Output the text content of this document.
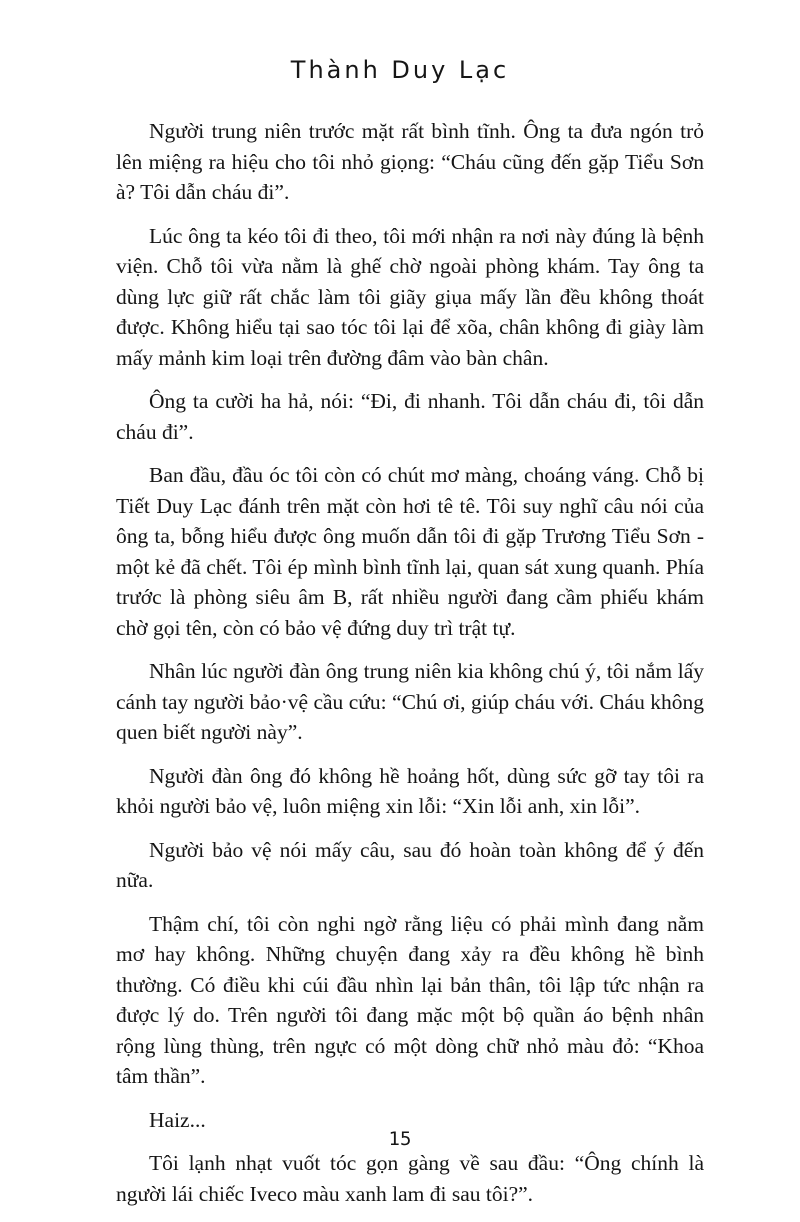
Thành Duy Lạc

Người trung niên trước mặt rất bình tĩnh. Ông ta đưa ngón trỏ lên miệng ra hiệu cho tôi nhỏ giọng: “Cháu cũng đến gặp Tiểu Sơn à? Tôi dẫn cháu đi”.

Lúc ông ta kéo tôi đi theo, tôi mới nhận ra nơi này đúng là bệnh viện. Chỗ tôi vừa nằm là ghế chờ ngoài phòng khám. Tay ông ta dùng lực giữ rất chắc làm tôi giãy giụa mấy lần đều không thoát được. Không hiểu tại sao tóc tôi lại để xõa, chân không đi giày làm mấy mảnh kim loại trên đường đâm vào bàn chân.

Ông ta cười ha hả, nói: “Đi, đi nhanh. Tôi dẫn cháu đi, tôi dẫn cháu đi”.

Ban đầu, đầu óc tôi còn có chút mơ màng, choáng váng. Chỗ bị Tiết Duy Lạc đánh trên mặt còn hơi tê tê. Tôi suy nghĩ câu nói của ông ta, bỗng hiểu được ông muốn dẫn tôi đi gặp Trương Tiểu Sơn - một kẻ đã chết. Tôi ép mình bình tĩnh lại, quan sát xung quanh. Phía trước là phòng siêu âm B, rất nhiều người đang cầm phiếu khám chờ gọi tên, còn có bảo vệ đứng duy trì trật tự.

Nhân lúc người đàn ông trung niên kia không chú ý, tôi nắm lấy cánh tay người bảo·vệ cầu cứu: “Chú ơi, giúp cháu với. Cháu không quen biết người này”.

Người đàn ông đó không hề hoảng hốt, dùng sức gỡ tay tôi ra khỏi người bảo vệ, luôn miệng xin lỗi: “Xin lỗi anh, xin lỗi”.

Người bảo vệ nói mấy câu, sau đó hoàn toàn không để ý đến nữa.

Thậm chí, tôi còn nghi ngờ rằng liệu có phải mình đang nằm mơ hay không. Những chuyện đang xảy ra đều không hề bình thường. Có điều khi cúi đầu nhìn lại bản thân, tôi lập tức nhận ra được lý do. Trên người tôi đang mặc một bộ quần áo bệnh nhân rộng lùng thùng, trên ngực có một dòng chữ nhỏ màu đỏ: “Khoa tâm thần”.

Haiz...

Tôi lạnh nhạt vuốt tóc gọn gàng về sau đầu: “Ông chính là người lái chiếc Iveco màu xanh lam đi sau tôi?”.

15
